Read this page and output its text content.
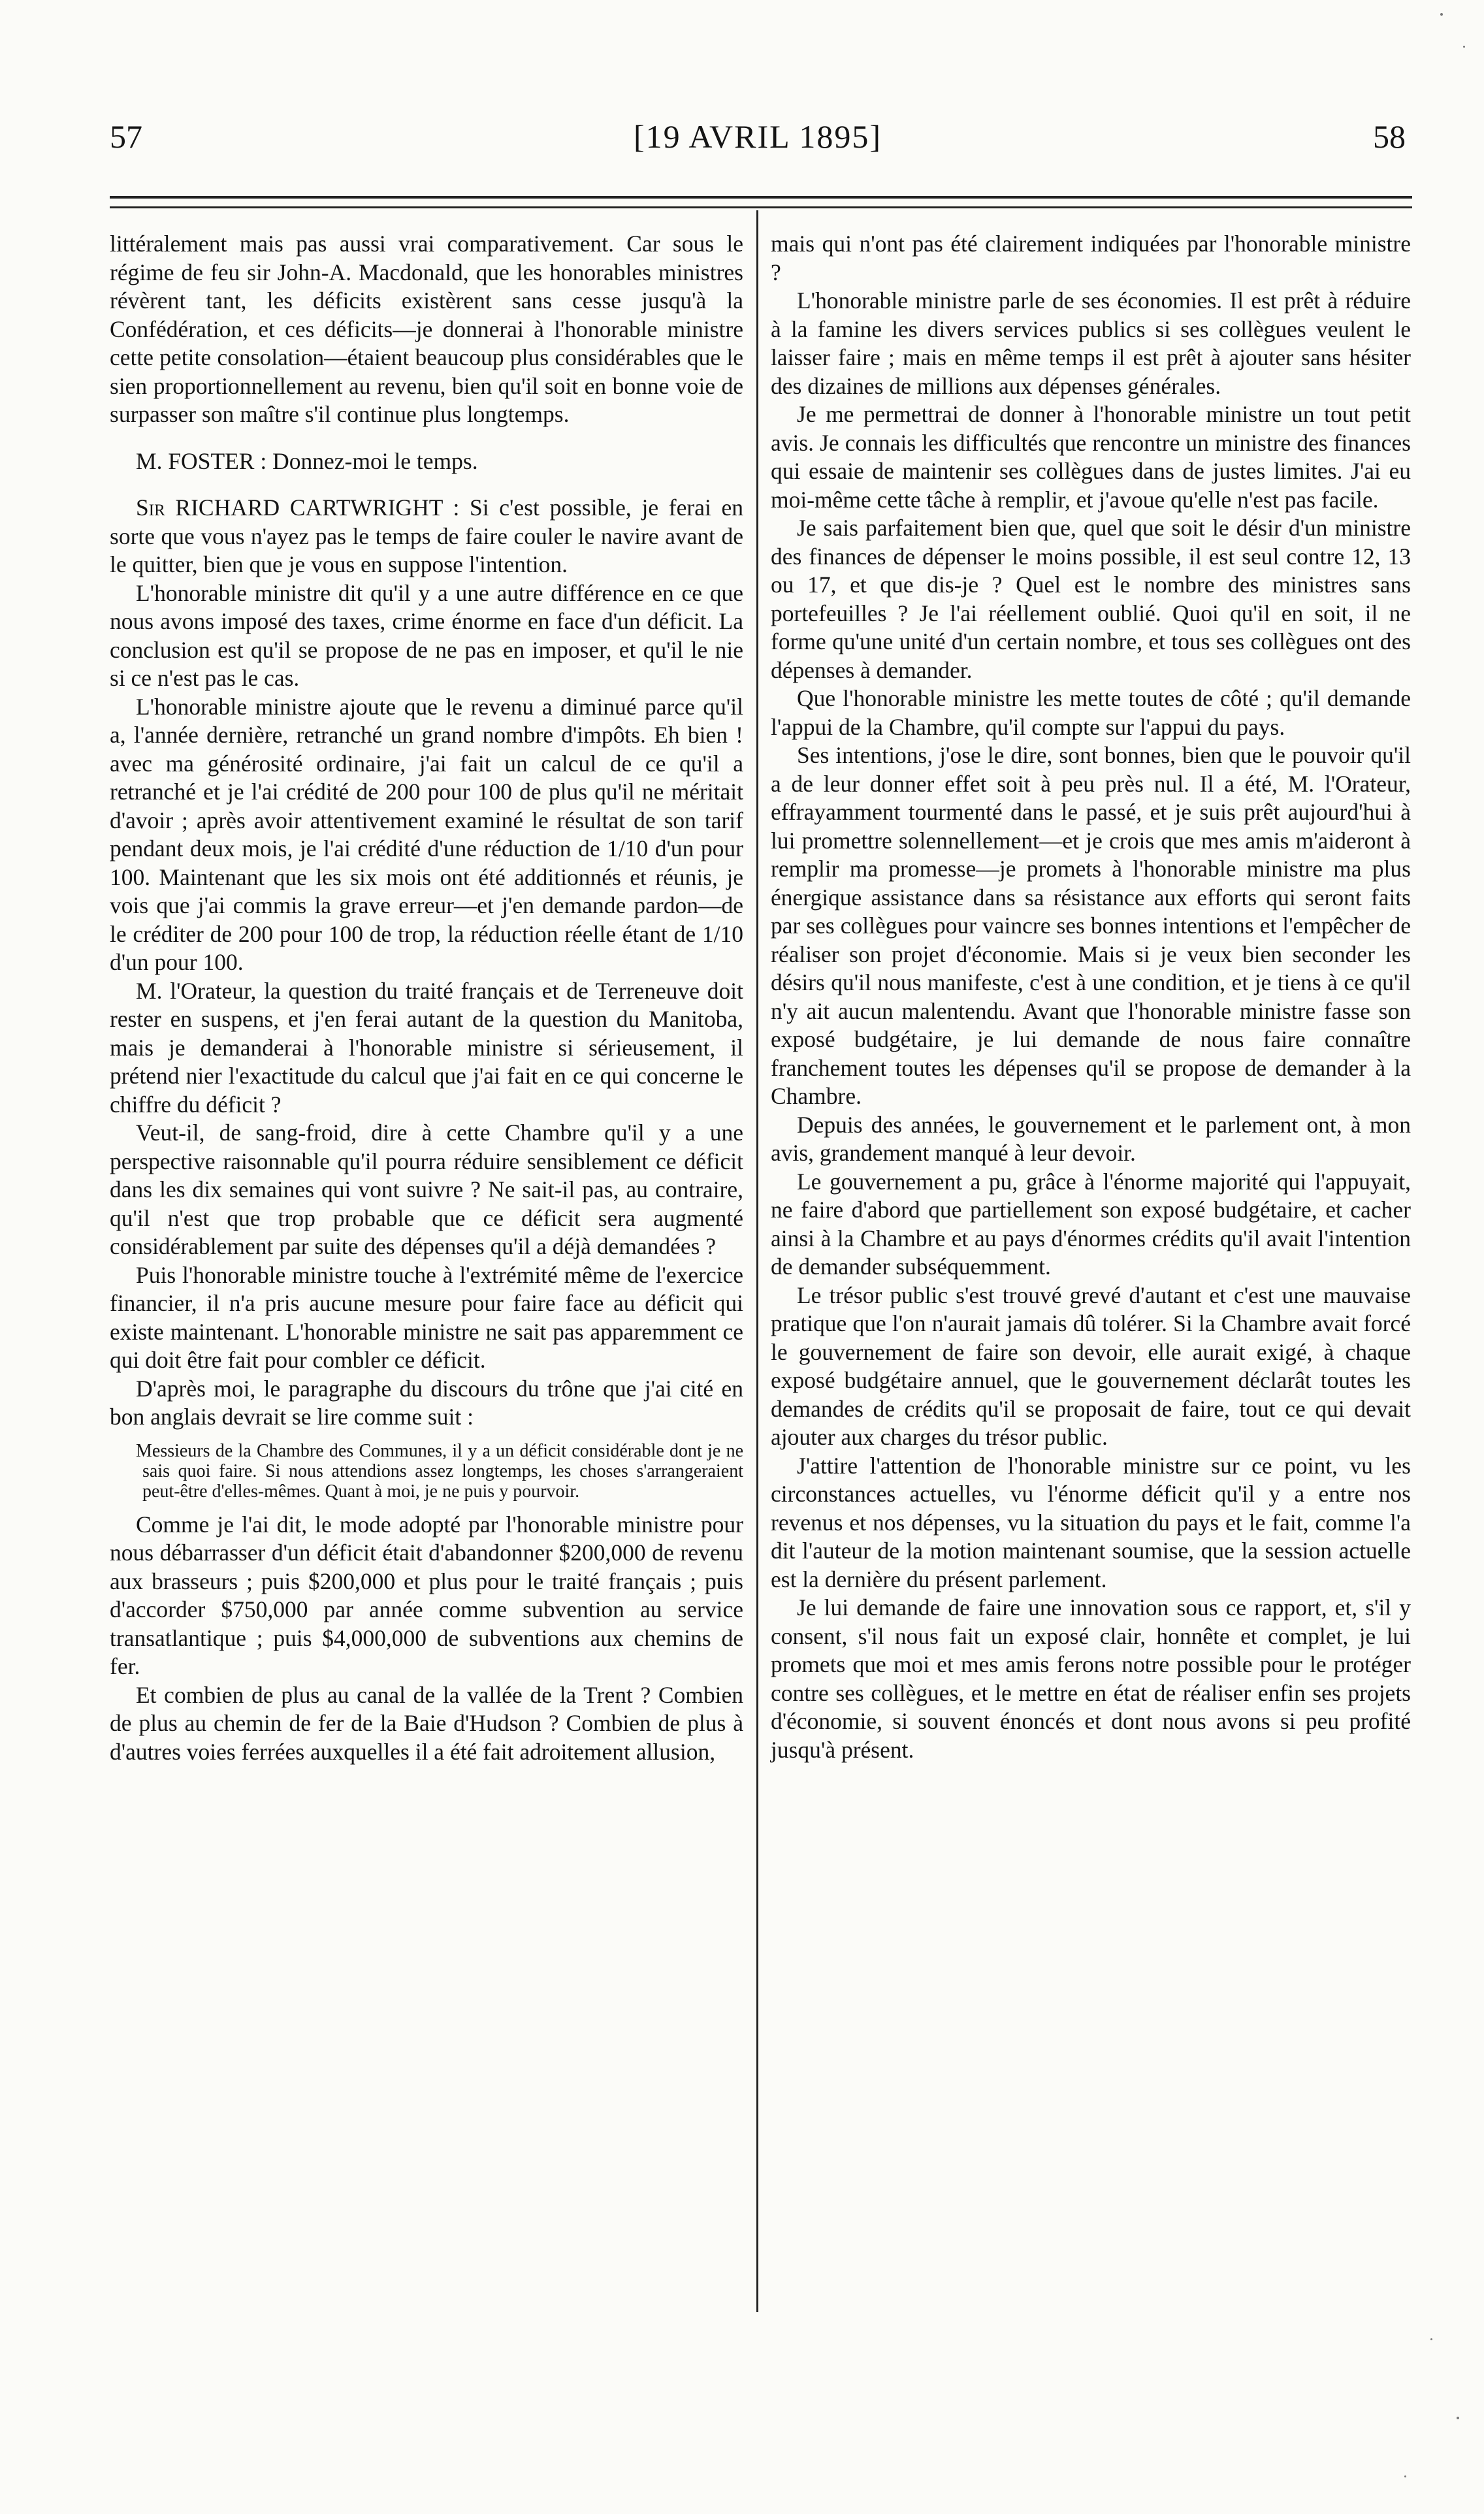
57	[19 AVRIL 1895]	58

littéralement mais pas aussi vrai comparativement. Car sous le régime de feu sir John-A. Macdonald, que les honorables ministres révèrent tant, les déficits existèrent sans cesse jusqu'à la Confédération, et ces déficits—je donnerai à l'honorable ministre cette petite consolation—étaient beaucoup plus considérables que le sien proportionnellement au revenu, bien qu'il soit en bonne voie de surpasser son maître s'il continue plus longtemps.

M. FOSTER : Donnez-moi le temps.

Sir RICHARD CARTWRIGHT : Si c'est possible, je ferai en sorte que vous n'ayez pas le temps de faire couler le navire avant de le quitter, bien que je vous en suppose l'intention.

L'honorable ministre dit qu'il y a une autre différence en ce que nous avons imposé des taxes, crime énorme en face d'un déficit. La conclusion est qu'il se propose de ne pas en imposer, et qu'il le nie si ce n'est pas le cas.

L'honorable ministre ajoute que le revenu a diminué parce qu'il a, l'année dernière, retranché un grand nombre d'impôts. Eh bien ! avec ma générosité ordinaire, j'ai fait un calcul de ce qu'il a retranché et je l'ai crédité de 200 pour 100 de plus qu'il ne méritait d'avoir ; après avoir attentivement examiné le résultat de son tarif pendant deux mois, je l'ai crédité d'une réduction de 1/10 d'un pour 100. Maintenant que les six mois ont été additionnés et réunis, je vois que j'ai commis la grave erreur—et j'en demande pardon—de le créditer de 200 pour 100 de trop, la réduction réelle étant de 1/10 d'un pour 100.

M. l'Orateur, la question du traité français et de Terreneuve doit rester en suspens, et j'en ferai autant de la question du Manitoba, mais je demanderai à l'honorable ministre si sérieusement, il prétend nier l'exactitude du calcul que j'ai fait en ce qui concerne le chiffre du déficit ?

Veut-il, de sang-froid, dire à cette Chambre qu'il y a une perspective raisonnable qu'il pourra réduire sensiblement ce déficit dans les dix semaines qui vont suivre ? Ne sait-il pas, au contraire, qu'il n'est que trop probable que ce déficit sera augmenté considérablement par suite des dépenses qu'il a déjà demandées ?

Puis l'honorable ministre touche à l'extrémité même de l'exercice financier, il n'a pris aucune mesure pour faire face au déficit qui existe maintenant. L'honorable ministre ne sait pas apparemment ce qui doit être fait pour combler ce déficit.

D'après moi, le paragraphe du discours du trône que j'ai cité en bon anglais devrait se lire comme suit :

Messieurs de la Chambre des Communes, il y a un déficit considérable dont je ne sais quoi faire. Si nous attendions assez longtemps, les choses s'arrangeraient peut-être d'elles-mêmes. Quant à moi, je ne puis y pourvoir.

Comme je l'ai dit, le mode adopté par l'honorable ministre pour nous débarrasser d'un déficit était d'abandonner $200,000 de revenu aux brasseurs ; puis $200,000 et plus pour le traité français ; puis d'accorder $750,000 par année comme subvention au service transatlantique ; puis $4,000,000 de subventions aux chemins de fer.

Et combien de plus au canal de la vallée de la Trent ? Combien de plus au chemin de fer de la Baie d'Hudson ? Combien de plus à d'autres voies ferrées auxquelles il a été fait adroitement allusion,

mais qui n'ont pas été clairement indiquées par l'honorable ministre ?

L'honorable ministre parle de ses économies. Il est prêt à réduire à la famine les divers services publics si ses collègues veulent le laisser faire ; mais en même temps il est prêt à ajouter sans hésiter des dizaines de millions aux dépenses générales.

Je me permettrai de donner à l'honorable ministre un tout petit avis. Je connais les difficultés que rencontre un ministre des finances qui essaie de maintenir ses collègues dans de justes limites. J'ai eu moi-même cette tâche à remplir, et j'avoue qu'elle n'est pas facile.

Je sais parfaitement bien que, quel que soit le désir d'un ministre des finances de dépenser le moins possible, il est seul contre 12, 13 ou 17, et que dis-je ? Quel est le nombre des ministres sans portefeuilles ? Je l'ai réellement oublié. Quoi qu'il en soit, il ne forme qu'une unité d'un certain nombre, et tous ses collègues ont des dépenses à demander.

Que l'honorable ministre les mette toutes de côté ; qu'il demande l'appui de la Chambre, qu'il compte sur l'appui du pays.

Ses intentions, j'ose le dire, sont bonnes, bien que le pouvoir qu'il a de leur donner effet soit à peu près nul. Il a été, M. l'Orateur, effrayamment tourmenté dans le passé, et je suis prêt aujourd'hui à lui promettre solennellement—et je crois que mes amis m'aideront à remplir ma promesse—je promets à l'honorable ministre ma plus énergique assistance dans sa résistance aux efforts qui seront faits par ses collègues pour vaincre ses bonnes intentions et l'empêcher de réaliser son projet d'économie. Mais si je veux bien seconder les désirs qu'il nous manifeste, c'est à une condition, et je tiens à ce qu'il n'y ait aucun malentendu. Avant que l'honorable ministre fasse son exposé budgétaire, je lui demande de nous faire connaître franchement toutes les dépenses qu'il se propose de demander à la Chambre.

Depuis des années, le gouvernement et le parlement ont, à mon avis, grandement manqué à leur devoir.

Le gouvernement a pu, grâce à l'énorme majorité qui l'appuyait, ne faire d'abord que partiellement son exposé budgétaire, et cacher ainsi à la Chambre et au pays d'énormes crédits qu'il avait l'intention de demander subséquemment.

Le trésor public s'est trouvé grevé d'autant et c'est une mauvaise pratique que l'on n'aurait jamais dû tolérer. Si la Chambre avait forcé le gouvernement de faire son devoir, elle aurait exigé, à chaque exposé budgétaire annuel, que le gouvernement déclarât toutes les demandes de crédits qu'il se proposait de faire, tout ce qui devait ajouter aux charges du trésor public.

J'attire l'attention de l'honorable ministre sur ce point, vu les circonstances actuelles, vu l'énorme déficit qu'il y a entre nos revenus et nos dépenses, vu la situation du pays et le fait, comme l'a dit l'auteur de la motion maintenant soumise, que la session actuelle est la dernière du présent parlement.

Je lui demande de faire une innovation sous ce rapport, et, s'il y consent, s'il nous fait un exposé clair, honnête et complet, je lui promets que moi et mes amis ferons notre possible pour le protéger contre ses collègues, et le mettre en état de réaliser enfin ses projets d'économie, si souvent énoncés et dont nous avons si peu profité jusqu'à présent.
